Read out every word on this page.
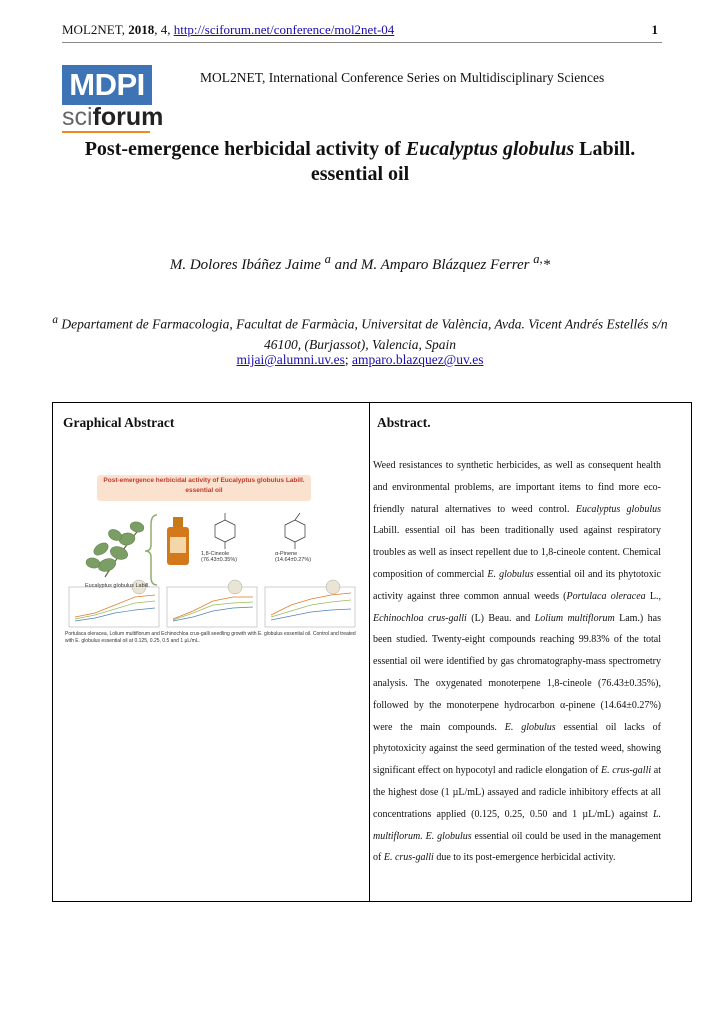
MOL2NET, 2018, 4, http://sciforum.net/conference/mol2net-04	1
MDPI
sciforum
MOL2NET, International Conference Series on Multidisciplinary Sciences
Post-emergence herbicidal activity of Eucalyptus globulus Labill.
essential oil
M. Dolores Ibáñez Jaime $^a$ and M. Amparo Blázquez Ferrer $^{a,}$*
$^a$ Departament de Farmacologia, Facultat de Farmàcia, Universitat de València, Avda. Vicent Andrés Estellés s/n 46100, (Burjassot), Valencia, Spain
mijai@alumni.uv.es; amparo.blazquez@uv.es
Graphical Abstract	Abstract.
Post-emergence herbicidal activity of Eucalyptus globulus Labill.
essential oil
Eucalyptus globulus Labill.
1,8-Cineole
(76.43±0.35%)
α-Pinene
(14.64±0.27%)
Portulaca oleracea, Lolium multiflorum and Echinochloa crus-galli seedling growth with E. globulus essential oil. Control and treated with E. globulus essential oil at 0.125, 0.25, 0.5 and 1 µL/mL.
Weed resistances to synthetic herbicides, as well as consequent health and environmental problems, are important items to find more eco-friendly natural alternatives to weed control. Eucalyptus globulus Labill. essential oil has been traditionally used against respiratory troubles as well as insect repellent due to 1,8-cineole content. Chemical composition of commercial E. globulus essential oil and its phytotoxic activity against three common annual weeds (Portulaca oleracea L., Echinochloa crus-galli (L) Beau. and Lolium multiflorum Lam.) has been studied. Twenty-eight compounds reaching 99.83% of the total essential oil were identified by gas chromatography-mass spectrometry analysis. The oxygenated monoterpene 1,8-cineole (76.43±0.35%), followed by the monoterpene hydrocarbon α-pinene (14.64±0.27%) were the main compounds. E. globulus essential oil lacks of phytotoxicity against the seed germination of the tested weed, showing significant effect on hypocotyl and radicle elongation of E. crus-galli at the highest dose (1 µL/mL) assayed and radicle inhibitory effects at all concentrations applied (0.125, 0.25, 0.50 and 1 µL/mL) against L. multiflorum. E. globulus essential oil could be used in the management of E. crus-galli due to its post-emergence herbicidal activity.
